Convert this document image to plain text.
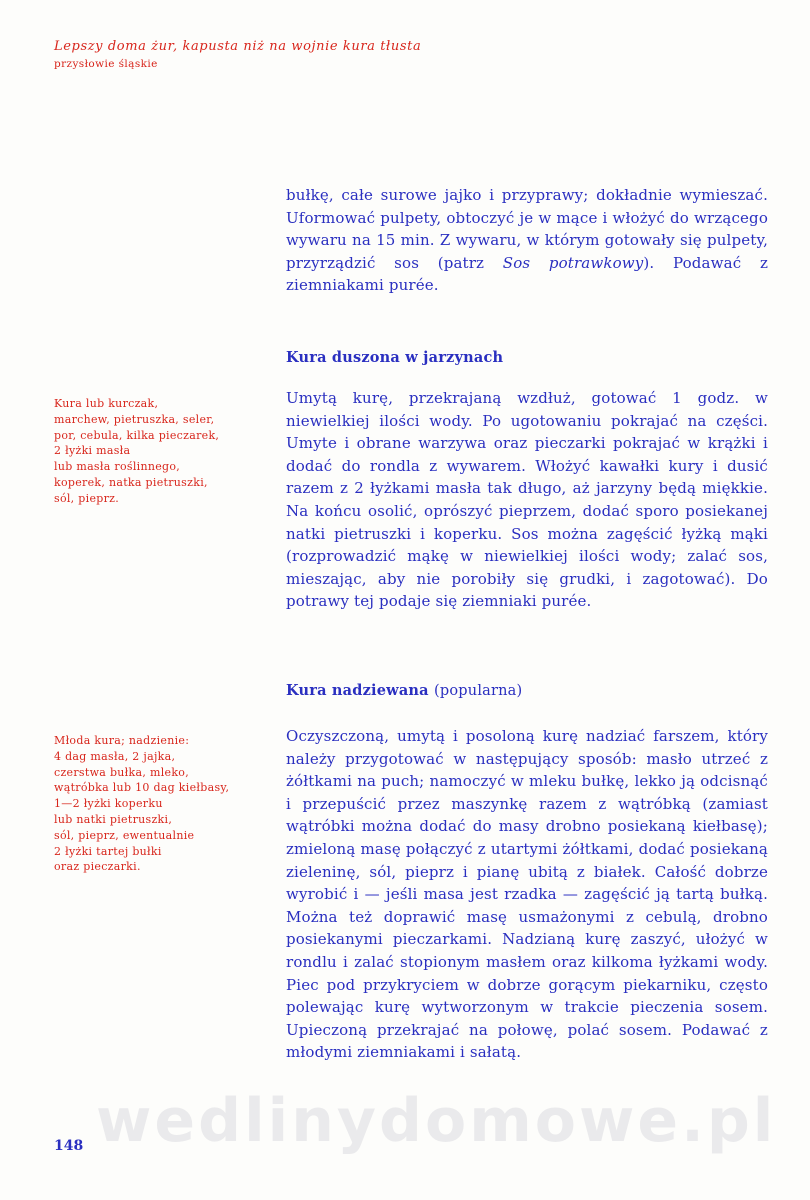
Lepszy doma żur, kapusta niż na wojnie kura tłusta
przysłowie śląskie

bułkę, całe surowe jajko i przyprawy; dokładnie wymieszać. Uformować pulpety, obtoczyć je w mące i włożyć do wrzącego wywaru na 15 min. Z wywaru, w którym gotowały się pulpety, przyrządzić sos (patrz Sos potrawkowy). Podawać z ziemniakami purée.

Kura duszona w jarzynach
Kura lub kurczak,
marchew, pietruszka, seler,
por, cebula, kilka pieczarek,
2 łyżki masła
lub masła roślinnego,
koperek, natka pietruszki,
sól, pieprz.

Umytą kurę, przekrajaną wzdłuż, gotować 1 godz. w niewielkiej ilości wody. Po ugotowaniu pokrajać na części. Umyte i obrane warzywa oraz pieczarki pokrajać w krążki i dodać do rondla z wywarem. Włożyć kawałki kury i dusić razem z 2 łyżkami masła tak długo, aż jarzyny będą miękkie. Na końcu osolić, oprószyć pieprzem, dodać sporo posiekanej natki pietruszki i koperku. Sos można zagęścić łyżką mąki (rozprowadzić mąkę w niewielkiej ilości wody; zalać sos, mieszając, aby nie porobiły się grudki, i zagotować). Do potrawy tej podaje się ziemniaki purée.

Kura nadziewana (popularna)
Młoda kura; nadzienie:
4 dag masła, 2 jajka,
czerstwa bułka, mleko,
wątróbka lub 10 dag kiełbasy,
1—2 łyżki koperku
lub natki pietruszki,
sól, pieprz, ewentualnie
2 łyżki tartej bułki
oraz pieczarki.

Oczyszczoną, umytą i posoloną kurę nadziać farszem, który należy przygotować w następujący sposób: masło utrzeć z żółtkami na puch; namoczyć w mleku bułkę, lekko ją odcisnąć i przepuścić przez maszynkę razem z wątróbką (zamiast wątróbki można dodać do masy drobno posiekaną kiełbasę); zmieloną masę połączyć z utartymi żółtkami, dodać posiekaną zieleninę, sól, pieprz i pianę ubitą z białek. Całość dobrze wyrobić i — jeśli masa jest rzadka — zagęścić ją tartą bułką. Można też doprawić masę usmażonymi z cebulą, drobno posiekanymi pieczarkami. Nadzianą kurę zaszyć, ułożyć w rondlu i zalać stopionym masłem oraz kilkoma łyżkami wody. Piec pod przykryciem w dobrze gorącym piekarniku, często polewając kurę wytworzonym w trakcie pieczenia sosem. Upieczoną przekrajać na połowę, polać sosem. Podawać z młodymi ziemniakami i sałatą.

wedlinydomowe.pl
148
